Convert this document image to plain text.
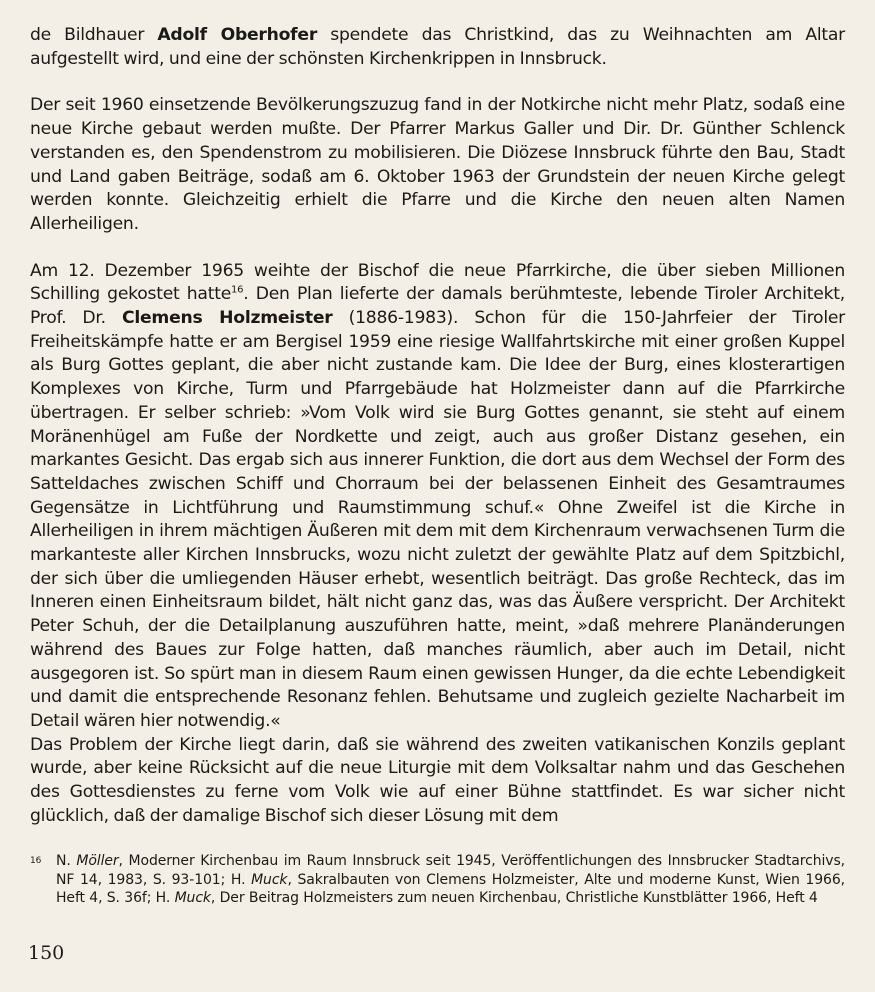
de Bildhauer Adolf Oberhofer spendete das Christkind, das zu Weihnachten am Altar aufgestellt wird, und eine der schönsten Kirchenkrippen in Innsbruck.

Der seit 1960 einsetzende Bevölkerungszuzug fand in der Notkirche nicht mehr Platz, sodaß eine neue Kirche gebaut werden mußte. Der Pfarrer Markus Galler und Dir. Dr. Günther Schlenck verstanden es, den Spendenstrom zu mobilisieren. Die Diözese Innsbruck führte den Bau, Stadt und Land gaben Beiträge, sodaß am 6. Oktober 1963 der Grundstein der neuen Kirche gelegt werden konnte. Gleichzeitig erhielt die Pfarre und die Kirche den neuen alten Namen Allerheiligen.

Am 12. Dezember 1965 weihte der Bischof die neue Pfarrkirche, die über sieben Millionen Schilling gekostet hatte$^{16}$. Den Plan lieferte der damals berühmteste, lebende Tiroler Architekt, Prof. Dr. Clemens Holzmeister (1886-1983). Schon für die 150-Jahrfeier der Tiroler Freiheitskämpfe hatte er am Bergisel 1959 eine riesige Wallfahrtskirche mit einer großen Kuppel als Burg Gottes geplant, die aber nicht zustande kam. Die Idee der Burg, eines klosterartigen Komplexes von Kirche, Turm und Pfarrgebäude hat Holzmeister dann auf die Pfarrkirche übertragen. Er selber schrieb: »Vom Volk wird sie Burg Gottes genannt, sie steht auf einem Moränenhügel am Fuße der Nordkette und zeigt, auch aus großer Distanz gesehen, ein markantes Gesicht. Das ergab sich aus innerer Funktion, die dort aus dem Wechsel der Form des Satteldaches zwischen Schiff und Chorraum bei der belassenen Einheit des Gesamtraumes Gegensätze in Lichtführung und Raumstimmung schuf.« Ohne Zweifel ist die Kirche in Allerheiligen in ihrem mächtigen Äußeren mit dem mit dem Kirchenraum verwachsenen Turm die markanteste aller Kirchen Innsbrucks, wozu nicht zuletzt der gewählte Platz auf dem Spitzbichl, der sich über die umliegenden Häuser erhebt, wesentlich beiträgt. Das große Rechteck, das im Inneren einen Einheitsraum bildet, hält nicht ganz das, was das Äußere verspricht. Der Architekt Peter Schuh, der die Detailplanung auszuführen hatte, meint, »daß mehrere Planänderungen während des Baues zur Folge hatten, daß manches räumlich, aber auch im Detail, nicht ausgegoren ist. So spürt man in diesem Raum einen gewissen Hunger, da die echte Lebendigkeit und damit die entsprechende Resonanz fehlen. Behutsame und zugleich gezielte Nacharbeit im Detail wären hier notwendig.«

Das Problem der Kirche liegt darin, daß sie während des zweiten vatikanischen Konzils geplant wurde, aber keine Rücksicht auf die neue Liturgie mit dem Volksaltar nahm und das Geschehen des Gottesdienstes zu ferne vom Volk wie auf einer Bühne stattfindet. Es war sicher nicht glücklich, daß der damalige Bischof sich dieser Lösung mit dem

16 N. Möller, Moderner Kirchenbau im Raum Innsbruck seit 1945, Veröffentlichungen des Innsbrucker Stadtarchivs, NF 14, 1983, S. 93-101; H. Muck, Sakralbauten von Clemens Holzmeister, Alte und moderne Kunst, Wien 1966, Heft 4, S. 36f; H. Muck, Der Beitrag Holzmeisters zum neuen Kirchenbau, Christliche Kunstblätter 1966, Heft 4
150
